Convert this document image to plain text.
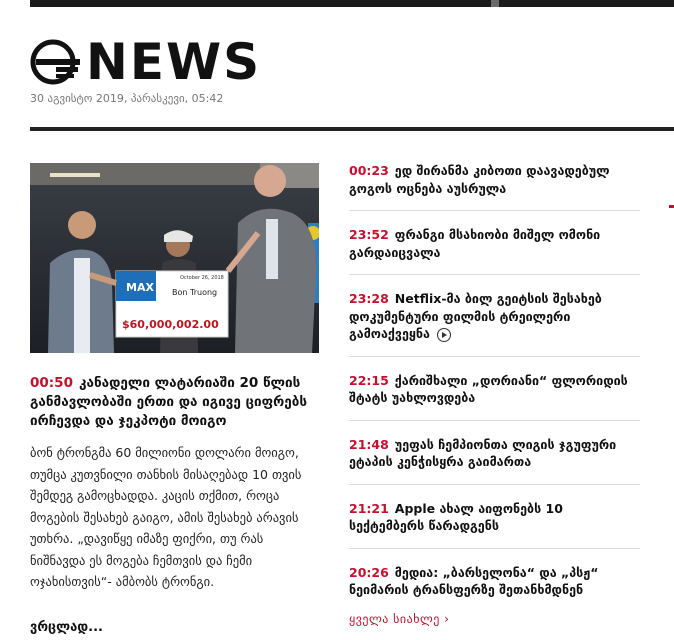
NEWS
30 აგვისტო 2019, პარასკევი, 05:42
MAX
October 26, 2018
Bon Truong
$60,000,002.00
00:50 კანადელი ლატარიაში 20 წლის განმავლობაში ერთი და იგივე ციფრებს ირჩევდა და ჯეკპოტი მოიგო
ბონ ტრონგმა 60 მილიონი დოლარი მოიგო, თუმცა კუთვნილი თანხის მისაღებად 10 თვის შემდეგ გამოცხადდა. კაცის თქმით, როცა მოგების შესახებ გაიგო, ამის შესახებ არავის უთხრა. „დავიწყე იმაზე ფიქრი, თუ რას ნიშნავდა ეს მოგება ჩემთვის და ჩემი ოჯახისთვის“- ამბობს ტრონგი.
ვრცლად...
00:23 ედ შირანმა კიბოთი დაავადებულ გოგოს ოცნება აუსრულა
23:52 ფრანგი მსახიობი მიშელ ომონი გარდაიცვალა
23:28 Netflix-მა ბილ გეიტსის შესახებ დოკუმენტური ფილმის ტრეილერი გამოაქვეყნა
22:15 ქარიშხალი „დორიანი“ ფლორიდის შტატს უახლოვდება
21:48 უეფას ჩემპიონთა ლიგის ჯგუფური ეტაპის კენჭისყრა გაიმართა
21:21 Apple ახალ აიფონებს 10 სექტემბერს წარადგენს
20:26 მედია: „ბარსელონა“ და „პსჟ“ ნეიმარის ტრანსფერზე შეთანხმდნენ
ყველა სიახლე ›
